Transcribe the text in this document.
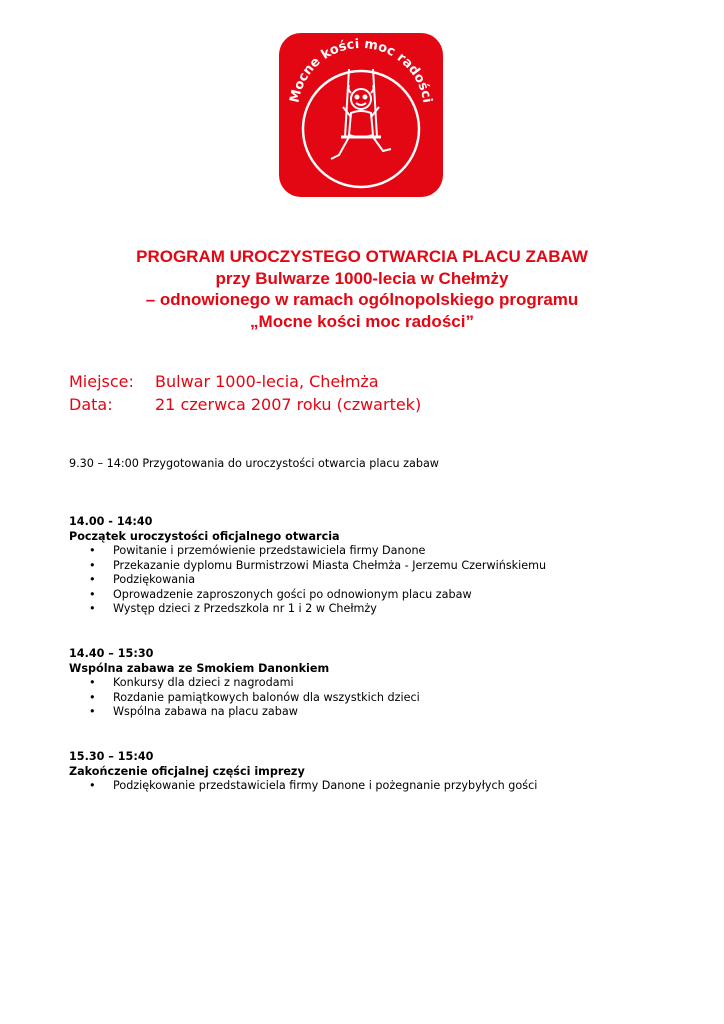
Mocne kości moc radości
PROGRAM UROCZYSTEGO OTWARCIA PLACU ZABAW
przy Bulwarze 1000-lecia w Chełmży
– odnowionego w ramach ogólnopolskiego programu
„Mocne kości moc radości”
Miejsce:	Bulwar 1000-lecia, Chełmża
Data:	21 czerwca 2007 roku (czwartek)
9.30 – 14:00 Przygotowania do uroczystości otwarcia placu zabaw
14.00 - 14:40
Początek uroczystości oficjalnego otwarcia
• Powitanie i przemówienie przedstawiciela firmy Danone
• Przekazanie dyplomu Burmistrzowi Miasta Chełmża - Jerzemu Czerwińskiemu
• Podziękowania
• Oprowadzenie zaproszonych gości po odnowionym placu zabaw
• Występ dzieci z Przedszkola nr 1 i 2 w Chełmży
14.40 – 15:30
Wspólna zabawa ze Smokiem Danonkiem
• Konkursy dla dzieci z nagrodami
• Rozdanie pamiątkowych balonów dla wszystkich dzieci
• Wspólna zabawa na placu zabaw
15.30 – 15:40
Zakończenie oficjalnej części imprezy
• Podziękowanie przedstawiciela firmy Danone i pożegnanie przybyłych gości
